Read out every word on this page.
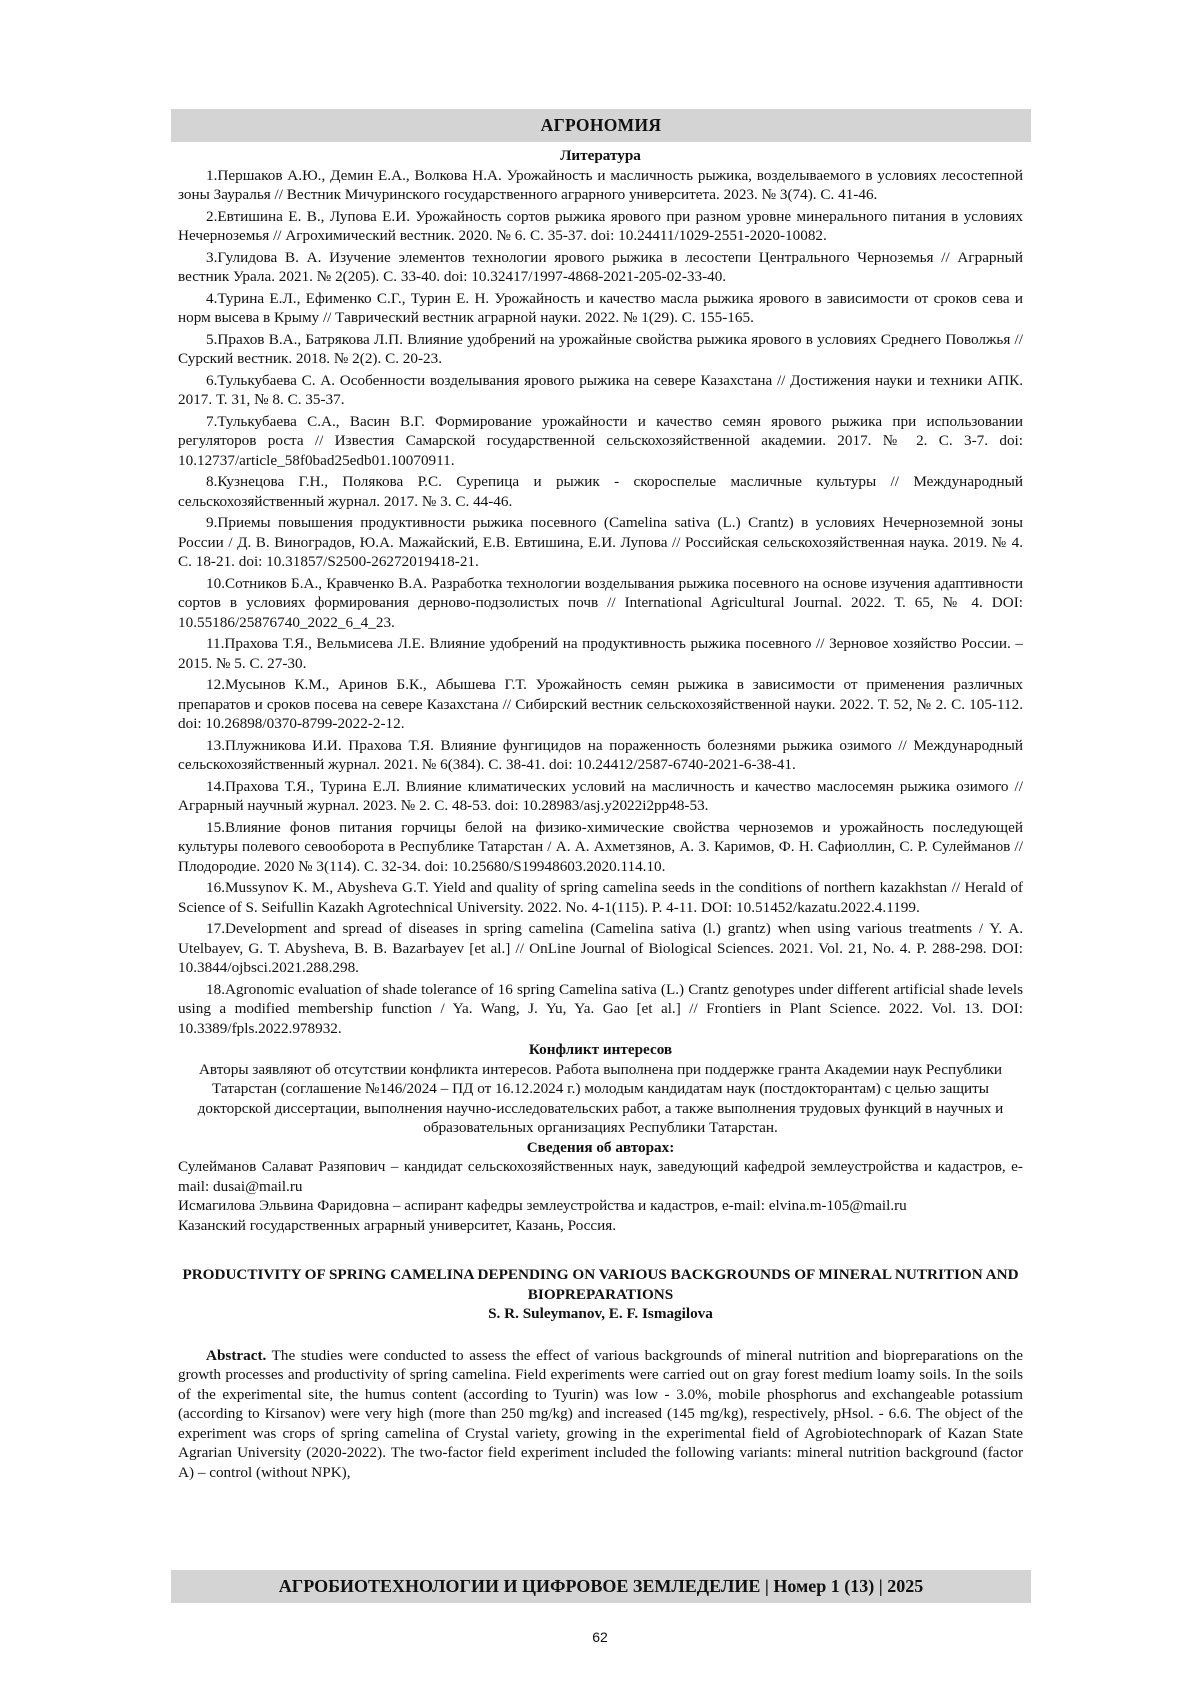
АГРОНОМИЯ

Литература

1.Першаков А.Ю., Демин Е.А., Волкова Н.А. Урожайность и масличность рыжика, возделываемого в условиях лесостепной зоны Зауралья // Вестник Мичуринского государственного аграрного университета. 2023. № 3(74). С. 41-46.

2.Евтишина Е. В., Лупова Е.И. Урожайность сортов рыжика ярового при разном уровне минерального питания в условиях Нечерноземья // Агрохимический вестник. 2020. № 6. С. 35-37. doi: 10.24411/1029-2551-2020-10082.

3.Гулидова В. А. Изучение элементов технологии ярового рыжика в лесостепи Центрального Черноземья // Аграрный вестник Урала. 2021. № 2(205). С. 33-40. doi: 10.32417/1997-4868-2021-205-02-33-40.

4.Турина Е.Л., Ефименко С.Г., Турин Е. Н. Урожайность и качество масла рыжика ярового в зависимости от сроков сева и норм высева в Крыму // Таврический вестник аграрной науки. 2022. № 1(29). С. 155-165.

5.Прахов В.А., Батрякова Л.П. Влияние удобрений на урожайные свойства рыжика ярового в условиях Среднего Поволжья // Сурский вестник. 2018. № 2(2). С. 20-23.

6.Тулькубаева С. А. Особенности возделывания ярового рыжика на севере Казахстана // Достижения науки и техники АПК. 2017. Т. 31, № 8. С. 35-37.

7.Тулькубаева С.А., Васин В.Г. Формирование урожайности и качество семян ярового рыжика при использовании регуляторов роста // Известия Самарской государственной сельскохозяйственной академии. 2017. № 2. С. 3-7. doi: 10.12737/article_58f0bad25edb01.10070911.

8.Кузнецова Г.Н., Полякова Р.С. Сурепица и рыжик - скороспелые масличные культуры // Международный сельскохозяйственный журнал. 2017. № 3. С. 44-46.

9.Приемы повышения продуктивности рыжика посевного (Camelina sativa (L.) Crantz) в условиях Нечерноземной зоны России / Д. В. Виноградов, Ю.А. Мажайский, Е.В. Евтишина, Е.И. Лупова // Российская сельскохозяйственная наука. 2019. № 4. С. 18-21. doi: 10.31857/S2500-26272019418-21.

10.Сотников Б.А., Кравченко В.А. Разработка технологии возделывания рыжика посевного на основе изучения адаптивности сортов в условиях формирования дерново-подзолистых почв // International Agricultural Journal. 2022. Т. 65, № 4. DOI: 10.55186/25876740_2022_6_4_23.

11.Прахова Т.Я., Вельмисева Л.Е. Влияние удобрений на продуктивность рыжика посевного // Зерновое хозяйство России. – 2015. № 5. С. 27-30.

12.Мусынов К.М., Аринов Б.К., Абышева Г.Т. Урожайность семян рыжика в зависимости от применения различных препаратов и сроков посева на севере Казахстана // Сибирский вестник сельскохозяйственной науки. 2022. Т. 52, № 2. С. 105-112. doi: 10.26898/0370-8799-2022-2-12.

13.Плужникова И.И. Прахова Т.Я. Влияние фунгицидов на пораженность болезнями рыжика озимого // Международный сельскохозяйственный журнал. 2021. № 6(384). С. 38-41. doi: 10.24412/2587-6740-2021-6-38-41.

14.Прахова Т.Я., Турина Е.Л. Влияние климатических условий на масличность и качество маслосемян рыжика озимого // Аграрный научный журнал. 2023. № 2. С. 48-53. doi: 10.28983/asj.y2022i2pp48-53.

15.Влияние фонов питания горчицы белой на физико-химические свойства черноземов и урожайность последующей культуры полевого севооборота в Республике Татарстан / А. А. Ахметзянов, А. З. Каримов, Ф. Н. Сафиоллин, С. Р. Сулейманов // Плодородие. 2020 № 3(114). С. 32-34. doi: 10.25680/S19948603.2020.114.10.

16.Mussynov K. M., Abysheva G.T. Yield and quality of spring camelina seeds in the conditions of northern kazakhstan // Herald of Science of S. Seifullin Kazakh Agrotechnical University. 2022. No. 4-1(115). P. 4-11. DOI: 10.51452/kazatu.2022.4.1199.

17.Development and spread of diseases in spring camelina (Camelina sativa (l.) grantz) when using various treatments / Y. A. Utelbayev, G. T. Abysheva, B. B. Bazarbayev [et al.] // OnLine Journal of Biological Sciences. 2021. Vol. 21, No. 4. P. 288-298. DOI: 10.3844/ojbsci.2021.288.298.

18.Agronomic evaluation of shade tolerance of 16 spring Camelina sativa (L.) Crantz genotypes under different artificial shade levels using a modified membership function / Ya. Wang, J. Yu, Ya. Gao [et al.] // Frontiers in Plant Science. 2022. Vol. 13. DOI: 10.3389/fpls.2022.978932.

Конфликт интересов

Авторы заявляют об отсутствии конфликта интересов. Работа выполнена при поддержке гранта Академии наук Республики Татарстан (соглашение №146/2024 – ПД от 16.12.2024 г.) молодым кандидатам наук (постдокторантам) с целью защиты докторской диссертации, выполнения научно-исследовательских работ, а также выполнения трудовых функций в научных и образовательных организациях Республики Татарстан.

Сведения об авторах:

Сулейманов Салават Разяпович – кандидат сельскохозяйственных наук, заведующий кафедрой землеустройства и кадастров, e-mail: dusai@mail.ru

Исмагилова Эльвина Фаридовна – аспирант кафедры землеустройства и кадастров, e-mail: elvina.m-105@mail.ru

Казанский государственных аграрный университет, Казань, Россия.

PRODUCTIVITY OF SPRING CAMELINA DEPENDING ON VARIOUS BACKGROUNDS OF MINERAL NUTRITION AND BIOPREPARATIONS

S. R. Suleymanov, E. F. Ismagilova

Abstract. The studies were conducted to assess the effect of various backgrounds of mineral nutrition and biopreparations on the growth processes and productivity of spring camelina. Field experiments were carried out on gray forest medium loamy soils. In the soils of the experimental site, the humus content (according to Tyurin) was low - 3.0%, mobile phosphorus and exchangeable potassium (according to Kirsanov) were very high (more than 250 mg/kg) and increased (145 mg/kg), respectively, pHsol. - 6.6. The object of the experiment was crops of spring camelina of Crystal variety, growing in the experimental field of Agrobiotechnopark of Kazan State Agrarian University (2020-2022). The two-factor field experiment included the following variants: mineral nutrition background (factor A) – control (without NPK),

АГРОБИОТЕХНОЛОГИИ И ЦИФРОВОЕ ЗЕМЛЕДЕЛИЕ | Номер 1 (13) | 2025
62
